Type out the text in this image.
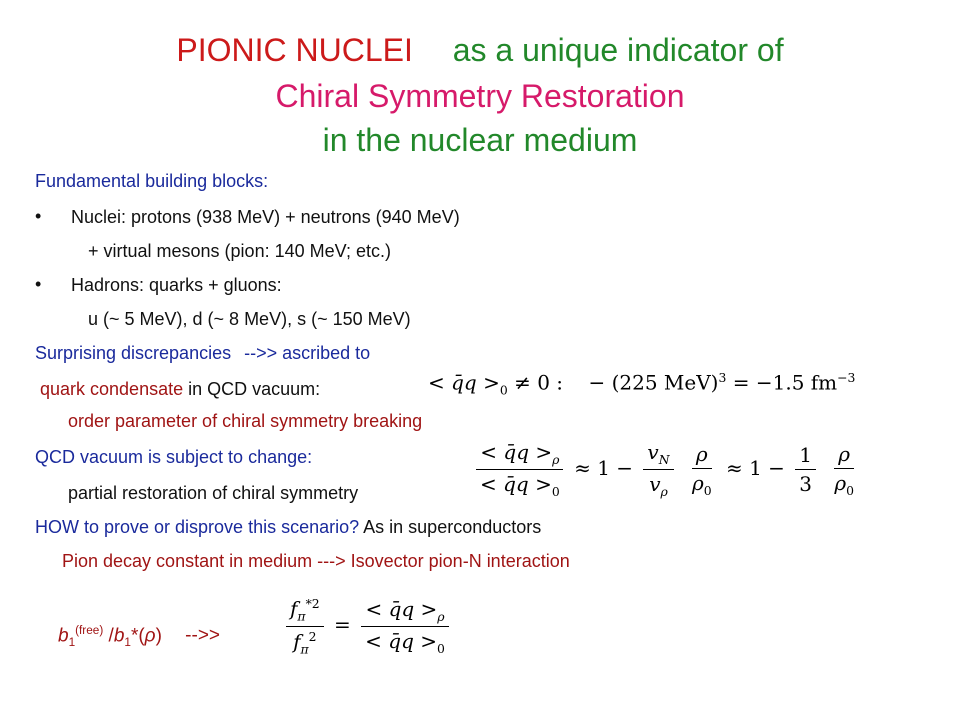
PIONIC NUCLEI as a unique indicator of
Chiral Symmetry Restoration
in the nuclear medium
Fundamental building blocks:
• Nuclei: protons (938 MeV) + neutrons (940 MeV)
+ virtual mesons (pion: 140 MeV; etc.)
• Hadrons: quarks + gluons:
u (~ 5 MeV), d (~ 8 MeV), s (~ 150 MeV)
Surprising discrepancies -->> ascribed to
quark condensate in QCD vacuum:	< q̄q $>_0 \ne 0$ :    − (225 MeV)$^3$ = −1.5 $fm^{-3}$
order parameter of chiral symmetry breaking
QCD vacuum is subject to change:
partial restoration of chiral symmetry	$\frac{< q̄q >_\rho}{< q̄q >_0} \approx 1 - \frac{v_N}{v_\rho}$
$\frac{\rho}{\rho_0} \approx 1 - \frac{1}{3}$
$\frac{\rho}{\rho_0}$
HOW to prove or disprove this scenario? As in superconductors
Pion decay constant in medium ---> Isovector pion-N interaction
$b_1^{(free)}$ $/b_1*(\rho)$ -->>	$\frac{f_\pi^{*2}}{f_\pi^2} = \frac{< q̄q >_\rho}{< q̄q >_0}$
